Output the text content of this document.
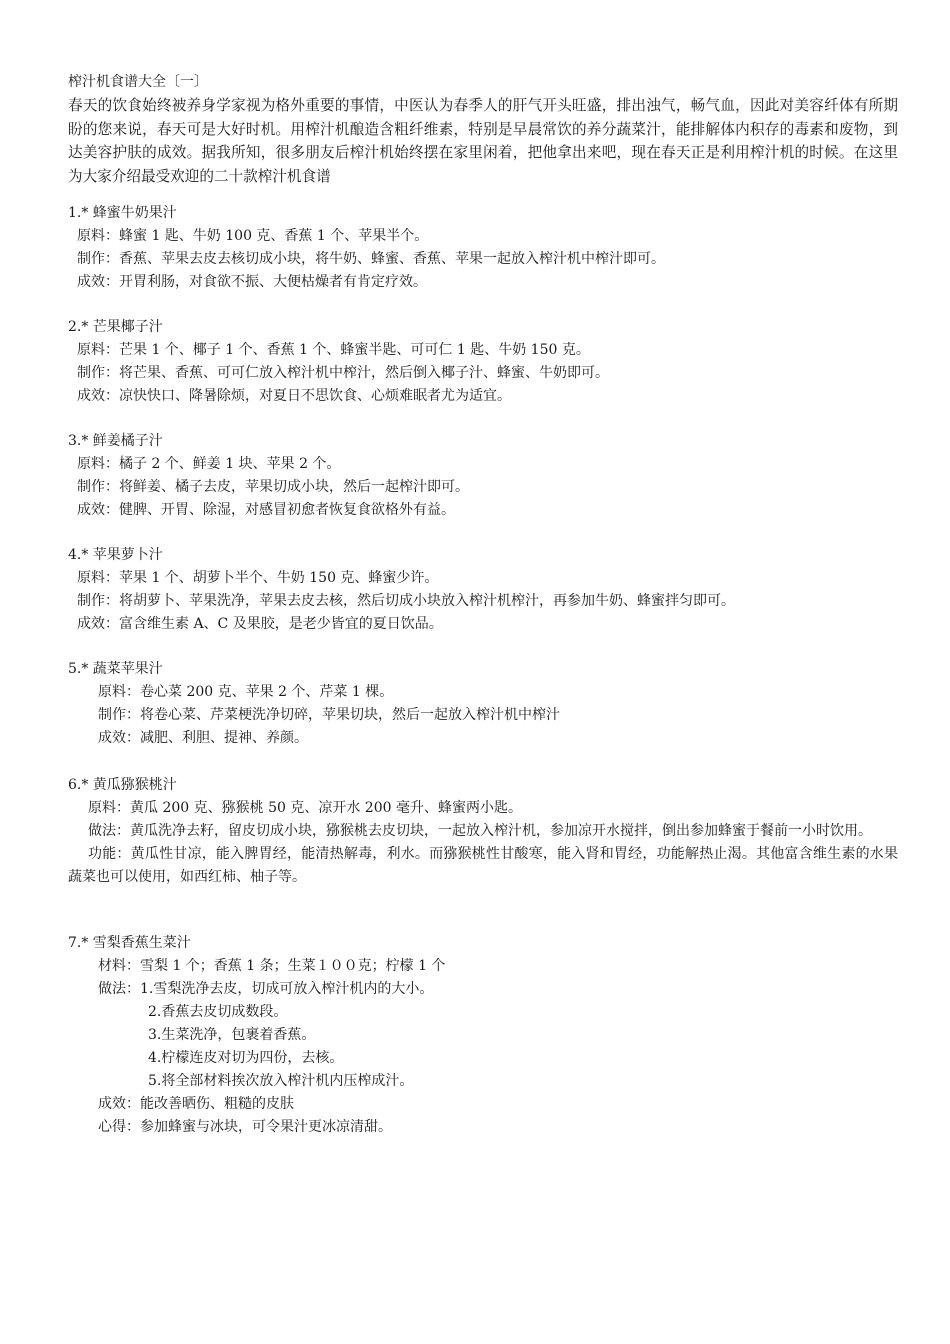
榨汁机食谱大全〔一〕
春天的饮食始终被养身学家视为格外重要的事情，中医认为春季人的肝气开头旺盛，排出浊气，畅气血，因此对美容纤体有所期盼的您来说，春天可是大好时机。用榨汁机酿造含粗纤维素，特别是早晨常饮的养分蔬菜汁，能排解体内积存的毒素和废物，到达美容护肤的成效。据我所知，很多朋友后榨汁机始终摆在家里闲着，把他拿出来吧，现在春天正是利用榨汁机的时候。在这里为大家介绍最受欢迎的二十款榨汁机食谱
1.* 蜂蜜牛奶果汁
原料：蜂蜜 1 匙、牛奶 100 克、香蕉 1 个、苹果半个。
制作：香蕉、苹果去皮去核切成小块，将牛奶、蜂蜜、香蕉、苹果一起放入榨汁机中榨汁即可。
成效：开胃利肠，对食欲不振、大便枯燥者有肯定疗效。
2.* 芒果椰子汁
原料：芒果 1 个、椰子 1 个、香蕉 1 个、蜂蜜半匙、可可仁 1 匙、牛奶 150 克。
制作：将芒果、香蕉、可可仁放入榨汁机中榨汁，然后倒入椰子汁、蜂蜜、牛奶即可。
成效：凉快快口、降暑除烦，对夏日不思饮食、心烦难眠者尤为适宜。
3.* 鲜姜橘子汁
原料：橘子 2 个、鲜姜 1 块、苹果 2 个。
制作：将鲜姜、橘子去皮，苹果切成小块，然后一起榨汁即可。
成效：健脾、开胃、除湿，对感冒初愈者恢复食欲格外有益。
4.* 苹果萝卜汁
原料：苹果 1 个、胡萝卜半个、牛奶 150 克、蜂蜜少许。
制作：将胡萝卜、苹果洗净，苹果去皮去核，然后切成小块放入榨汁机榨汁，再参加牛奶、蜂蜜拌匀即可。
成效：富含维生素 A、C 及果胶，是老少皆宜的夏日饮品。
5.* 蔬菜苹果汁
原料：卷心菜 200 克、苹果 2 个、芹菜 1 棵。
制作：将卷心菜、芹菜梗洗净切碎，苹果切块，然后一起放入榨汁机中榨汁
成效：减肥、利胆、提神、养颜。
6.* 黄瓜猕猴桃汁
原料：黄瓜 200 克、猕猴桃 50 克、凉开水 200 毫升、蜂蜜两小匙。
做法：黄瓜洗净去籽，留皮切成小块，猕猴桃去皮切块，一起放入榨汁机，参加凉开水搅拌，倒出参加蜂蜜于餐前一小时饮用。
功能：黄瓜性甘凉，能入脾胃经，能清热解毒，利水。而猕猴桃性甘酸寒，能入肾和胃经，功能解热止渴。其他富含维生素的水果蔬菜也可以使用，如西红柿、柚子等。
7.* 雪梨香蕉生菜汁
材料：雪梨 1 个；香蕉 1 条；生菜１００克；柠檬 1 个
做法：1.雪梨洗净去皮，切成可放入榨汁机内的大小。
2.香蕉去皮切成数段。
3.生菜洗净，包裹着香蕉。
4.柠檬连皮对切为四份，去核。
5.将全部材料挨次放入榨汁机内压榨成汁。
成效：能改善晒伤、粗糙的皮肤
心得：参加蜂蜜与冰块，可令果汁更冰凉清甜。
